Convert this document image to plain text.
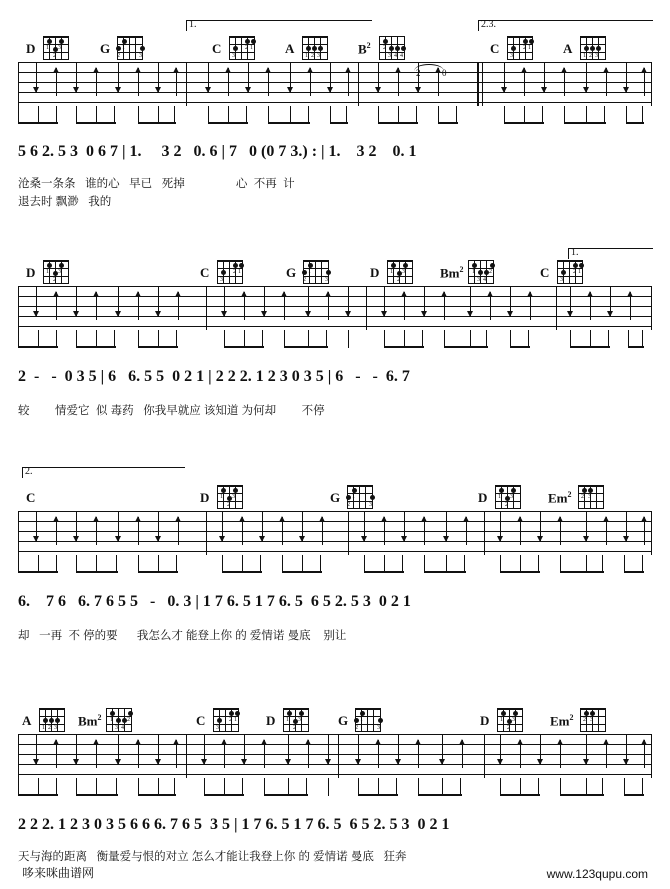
1.	2.3.
D 1 3
2	G 2
1
3	C	2
3
1 A 1 2 3	$B^2$ 2
3 4 4	C	2
3
1 A 1 2 3
2 0
5 6 2. 5 3  0 6 7 | 1.     3 2   0. 6 | 7   0 (0 7 3.) : | 1.    3 2    0. 1
沧桑一条条   谁的心   早已   死掉                心  不再  计
退去时 飘渺   我的
1.
D 1 3
2	C	2
3
1	G 2
1
3	D 1 3
2	Bm$^2$ 1
3 4
2	C	2
3
1
2  -   -  0 3 5 | 6   6. 5 5  0 2 1 | 2 2 2. 1 2 3 0 3 5 | 6   -   -  6. 7
较        情爱它  似 毒药   你我早就应 该知道 为何却        不停
2.
C	D 1 3
2	G 2
1
3	D 1 3
2	Em$^2$ 2 3
6.    7 6   6. 7 6 5 5   -   0. 3 | 1 7 6. 5 1 7 6. 5  6 5 2. 5 3  0 2 1
却   一再  不 停的要      我怎么才 能登上你 的 爱情诺 曼底    别让
A 1 2 3 Bm$^2$ 1
3 4
2	C	2
3
1 D 1 3
2	G 2
1
3	D 1 3
2	Em$^2$ 2 3
2 2 2. 1 2 3 0 3 5 6 6 6. 7 6 5  3 5 | 1 7 6. 5 1 7 6. 5  6 5 2. 5 3  0 2 1
天与海的距离   衡量爱与恨的对立 怎么才能让我登上你 的 爱情诺 曼底   狂奔
哆来咪曲谱网	www.123qupu.com
